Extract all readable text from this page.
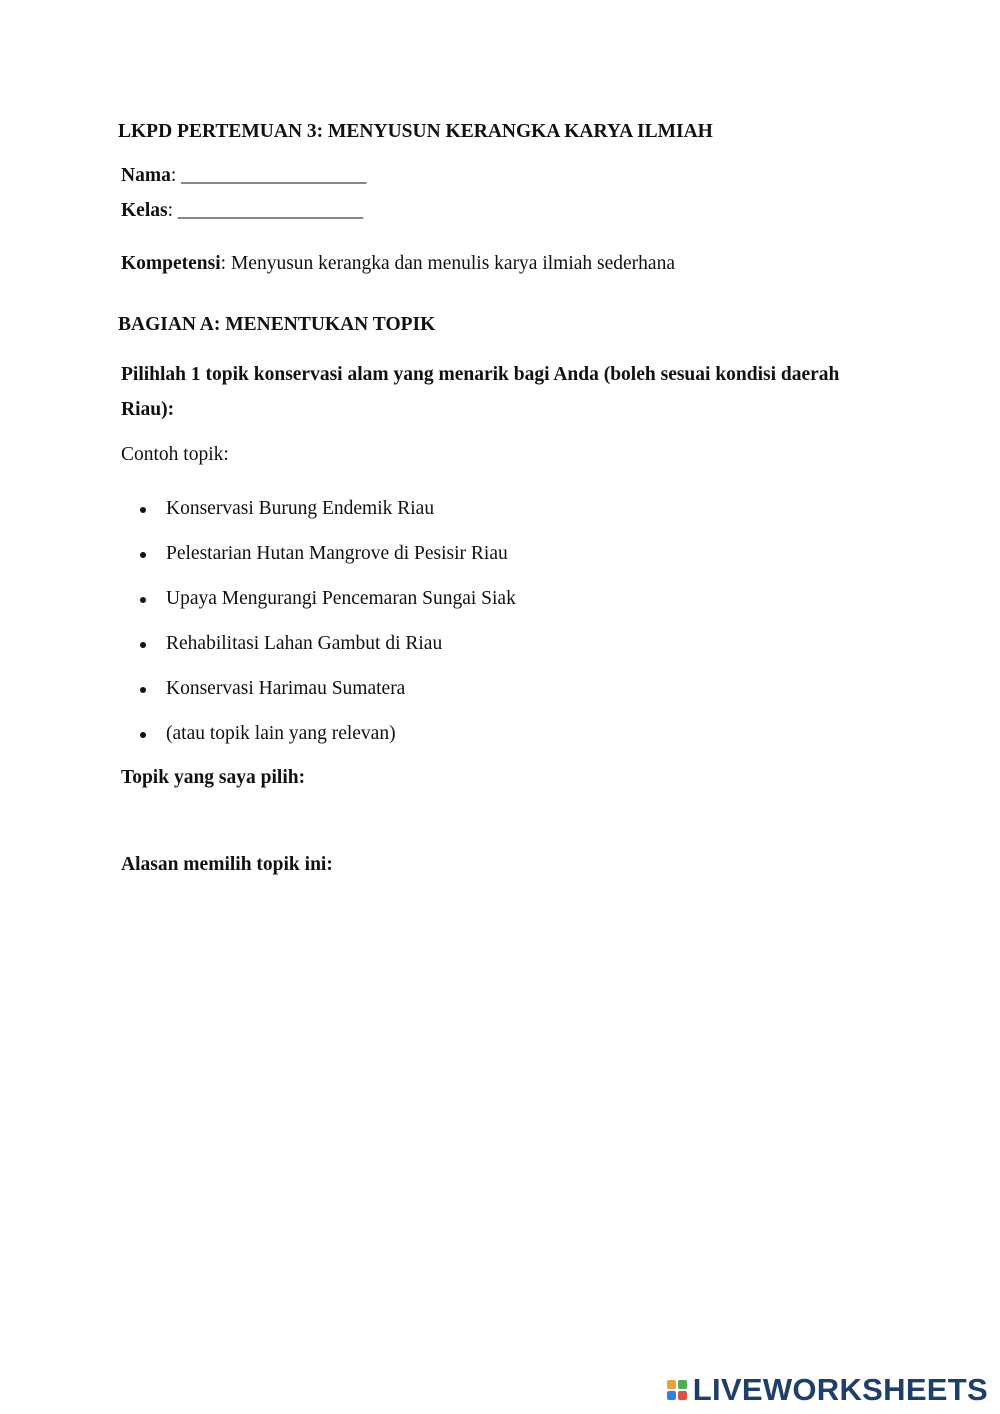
LKPD PERTEMUAN 3: MENYUSUN KERANGKA KARYA ILMIAH
Nama: ___________________
Kelas: ___________________
Kompetensi: Menyusun kerangka dan menulis karya ilmiah sederhana
BAGIAN A: MENENTUKAN TOPIK
Pilihlah 1 topik konservasi alam yang menarik bagi Anda (boleh sesuai kondisi daerah Riau):
Contoh topik:
Konservasi Burung Endemik Riau
Pelestarian Hutan Mangrove di Pesisir Riau
Upaya Mengurangi Pencemaran Sungai Siak
Rehabilitasi Lahan Gambut di Riau
Konservasi Harimau Sumatera
(atau topik lain yang relevan)
Topik yang saya pilih:
Alasan memilih topik ini:
LIVEWORKSHEETS
